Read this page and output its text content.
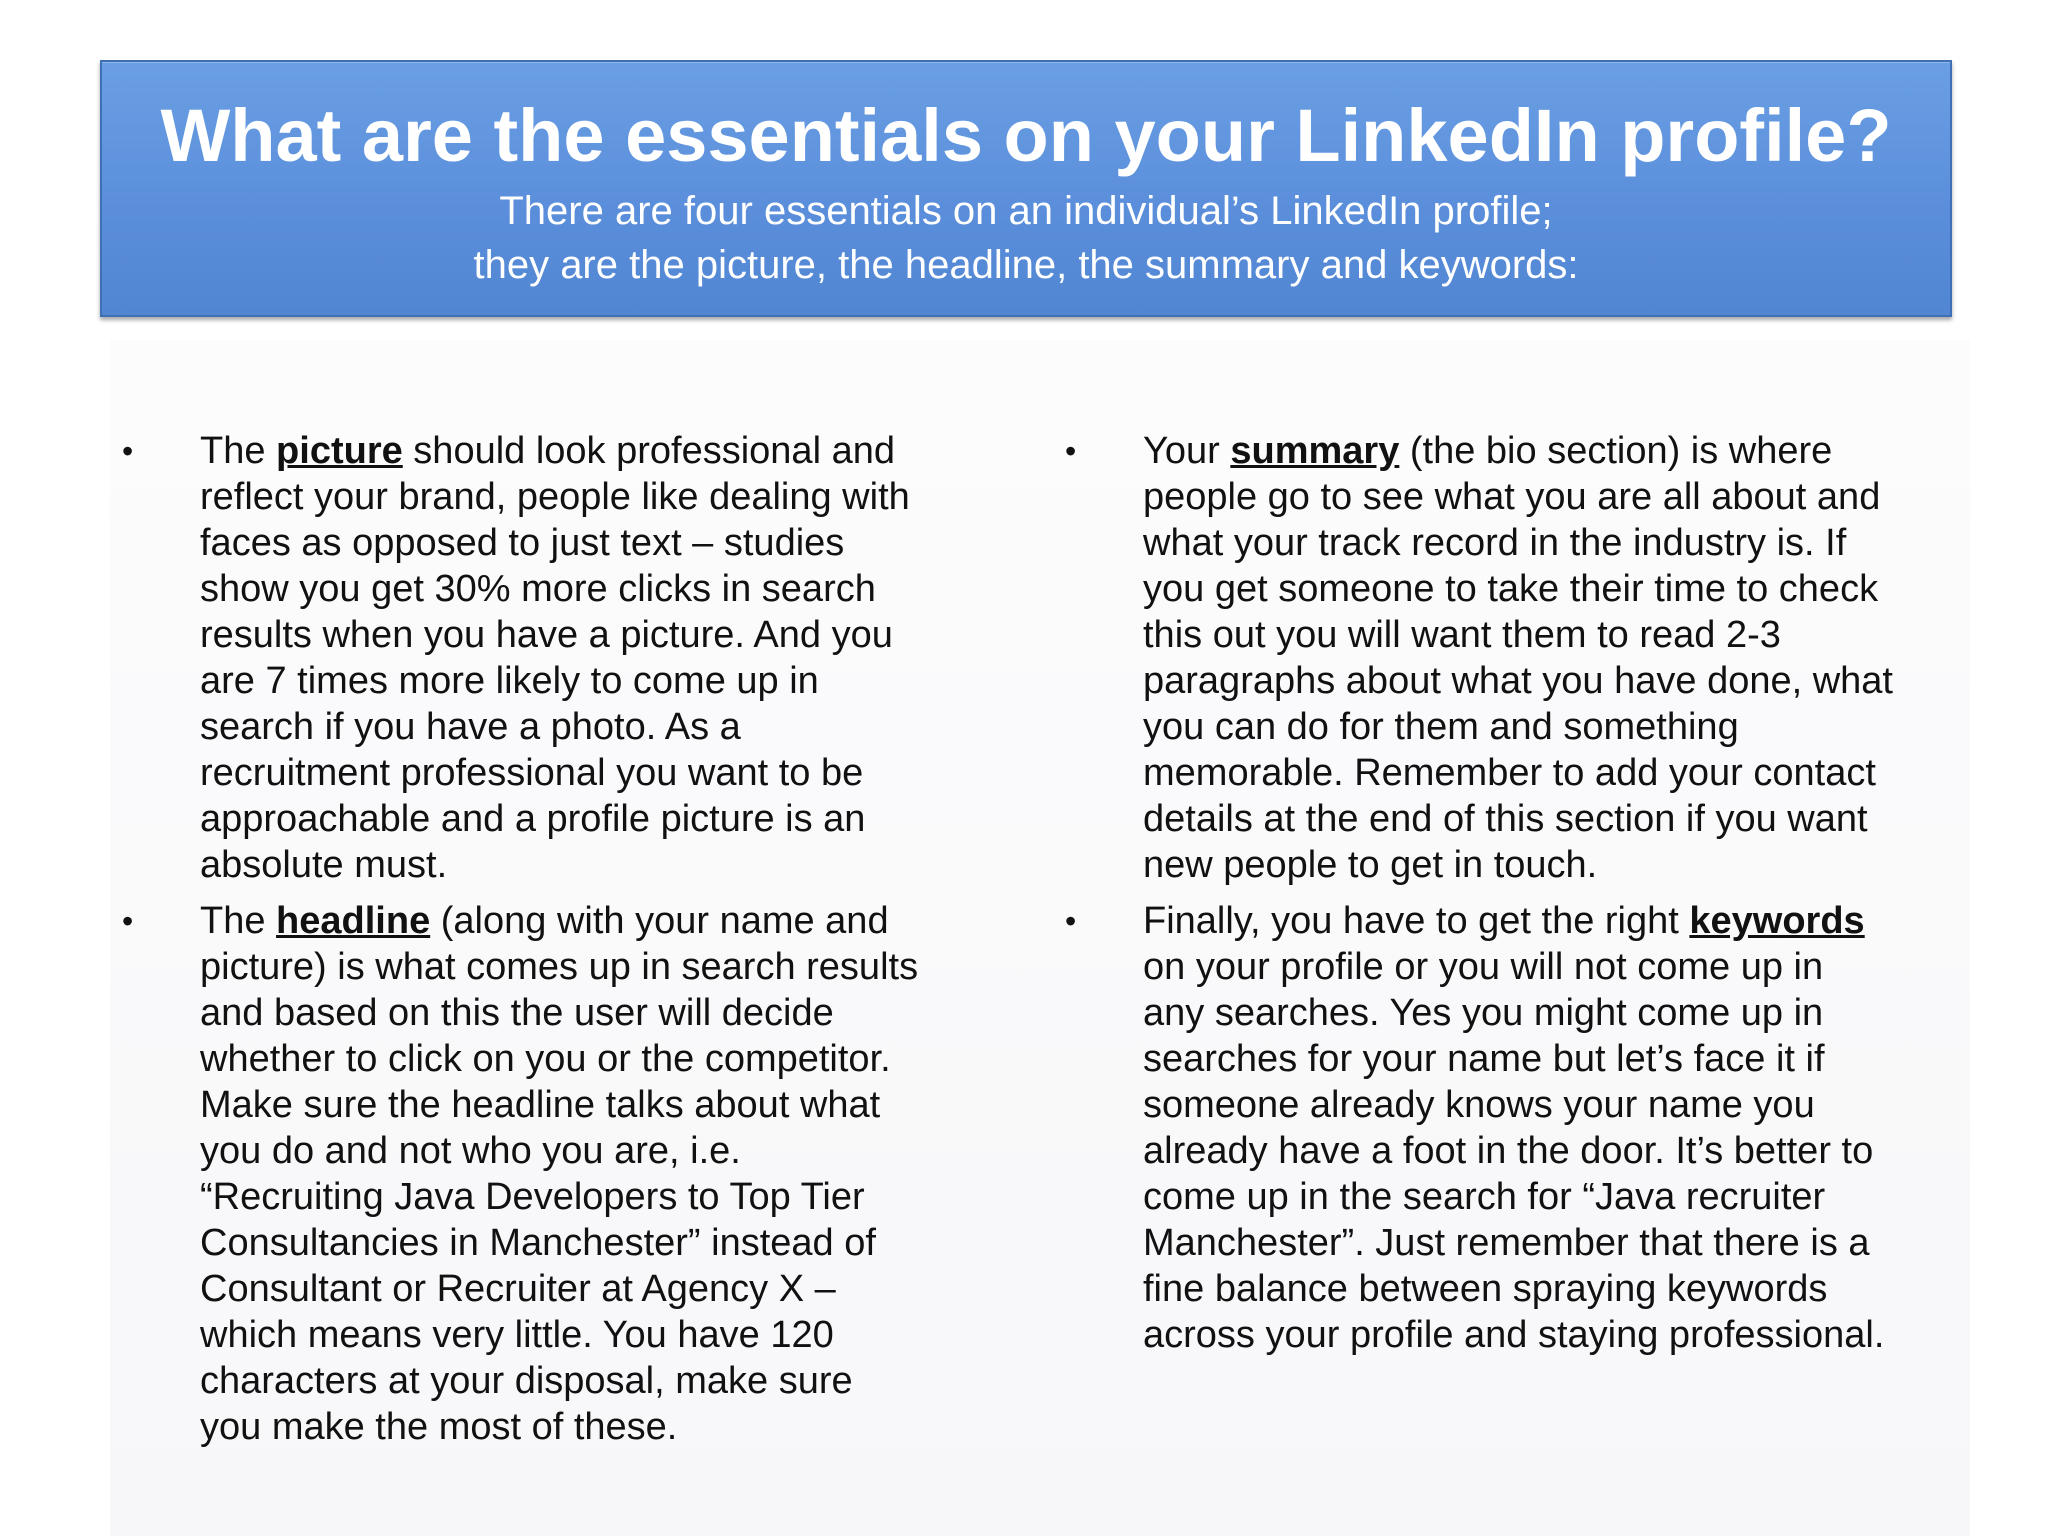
What are the essentials on your LinkedIn profile?
There are four essentials on an individual’s LinkedIn profile;
they are the picture, the headline, the summary and keywords:
• The picture should look professional and reflect your brand, people like dealing with faces as opposed to just text – studies show you get 30% more clicks in search results when you have a picture. And you are 7 times more likely to come up in search if you have a photo. As a recruitment professional you want to be approachable and a profile picture is an absolute must.
• The headline (along with your name and picture) is what comes up in search results and based on this the user will decide whether to click on you or the competitor. Make sure the headline talks about what you do and not who you are, i.e. “Recruiting Java Developers to Top Tier Consultancies in Manchester” instead of Consultant or Recruiter at Agency X – which means very little. You have 120 characters at your disposal, make sure you make the most of these.
• Your summary (the bio section) is where people go to see what you are all about and what your track record in the industry is. If you get someone to take their time to check this out you will want them to read 2-3 paragraphs about what you have done, what you can do for them and something memorable. Remember to add your contact details at the end of this section if you want new people to get in touch.
• Finally, you have to get the right keywords on your profile or you will not come up in any searches. Yes you might come up in searches for your name but let’s face it if someone already knows your name you already have a foot in the door. It’s better to come up in the search for “Java recruiter Manchester”. Just remember that there is a fine balance between spraying keywords across your profile and staying professional.
